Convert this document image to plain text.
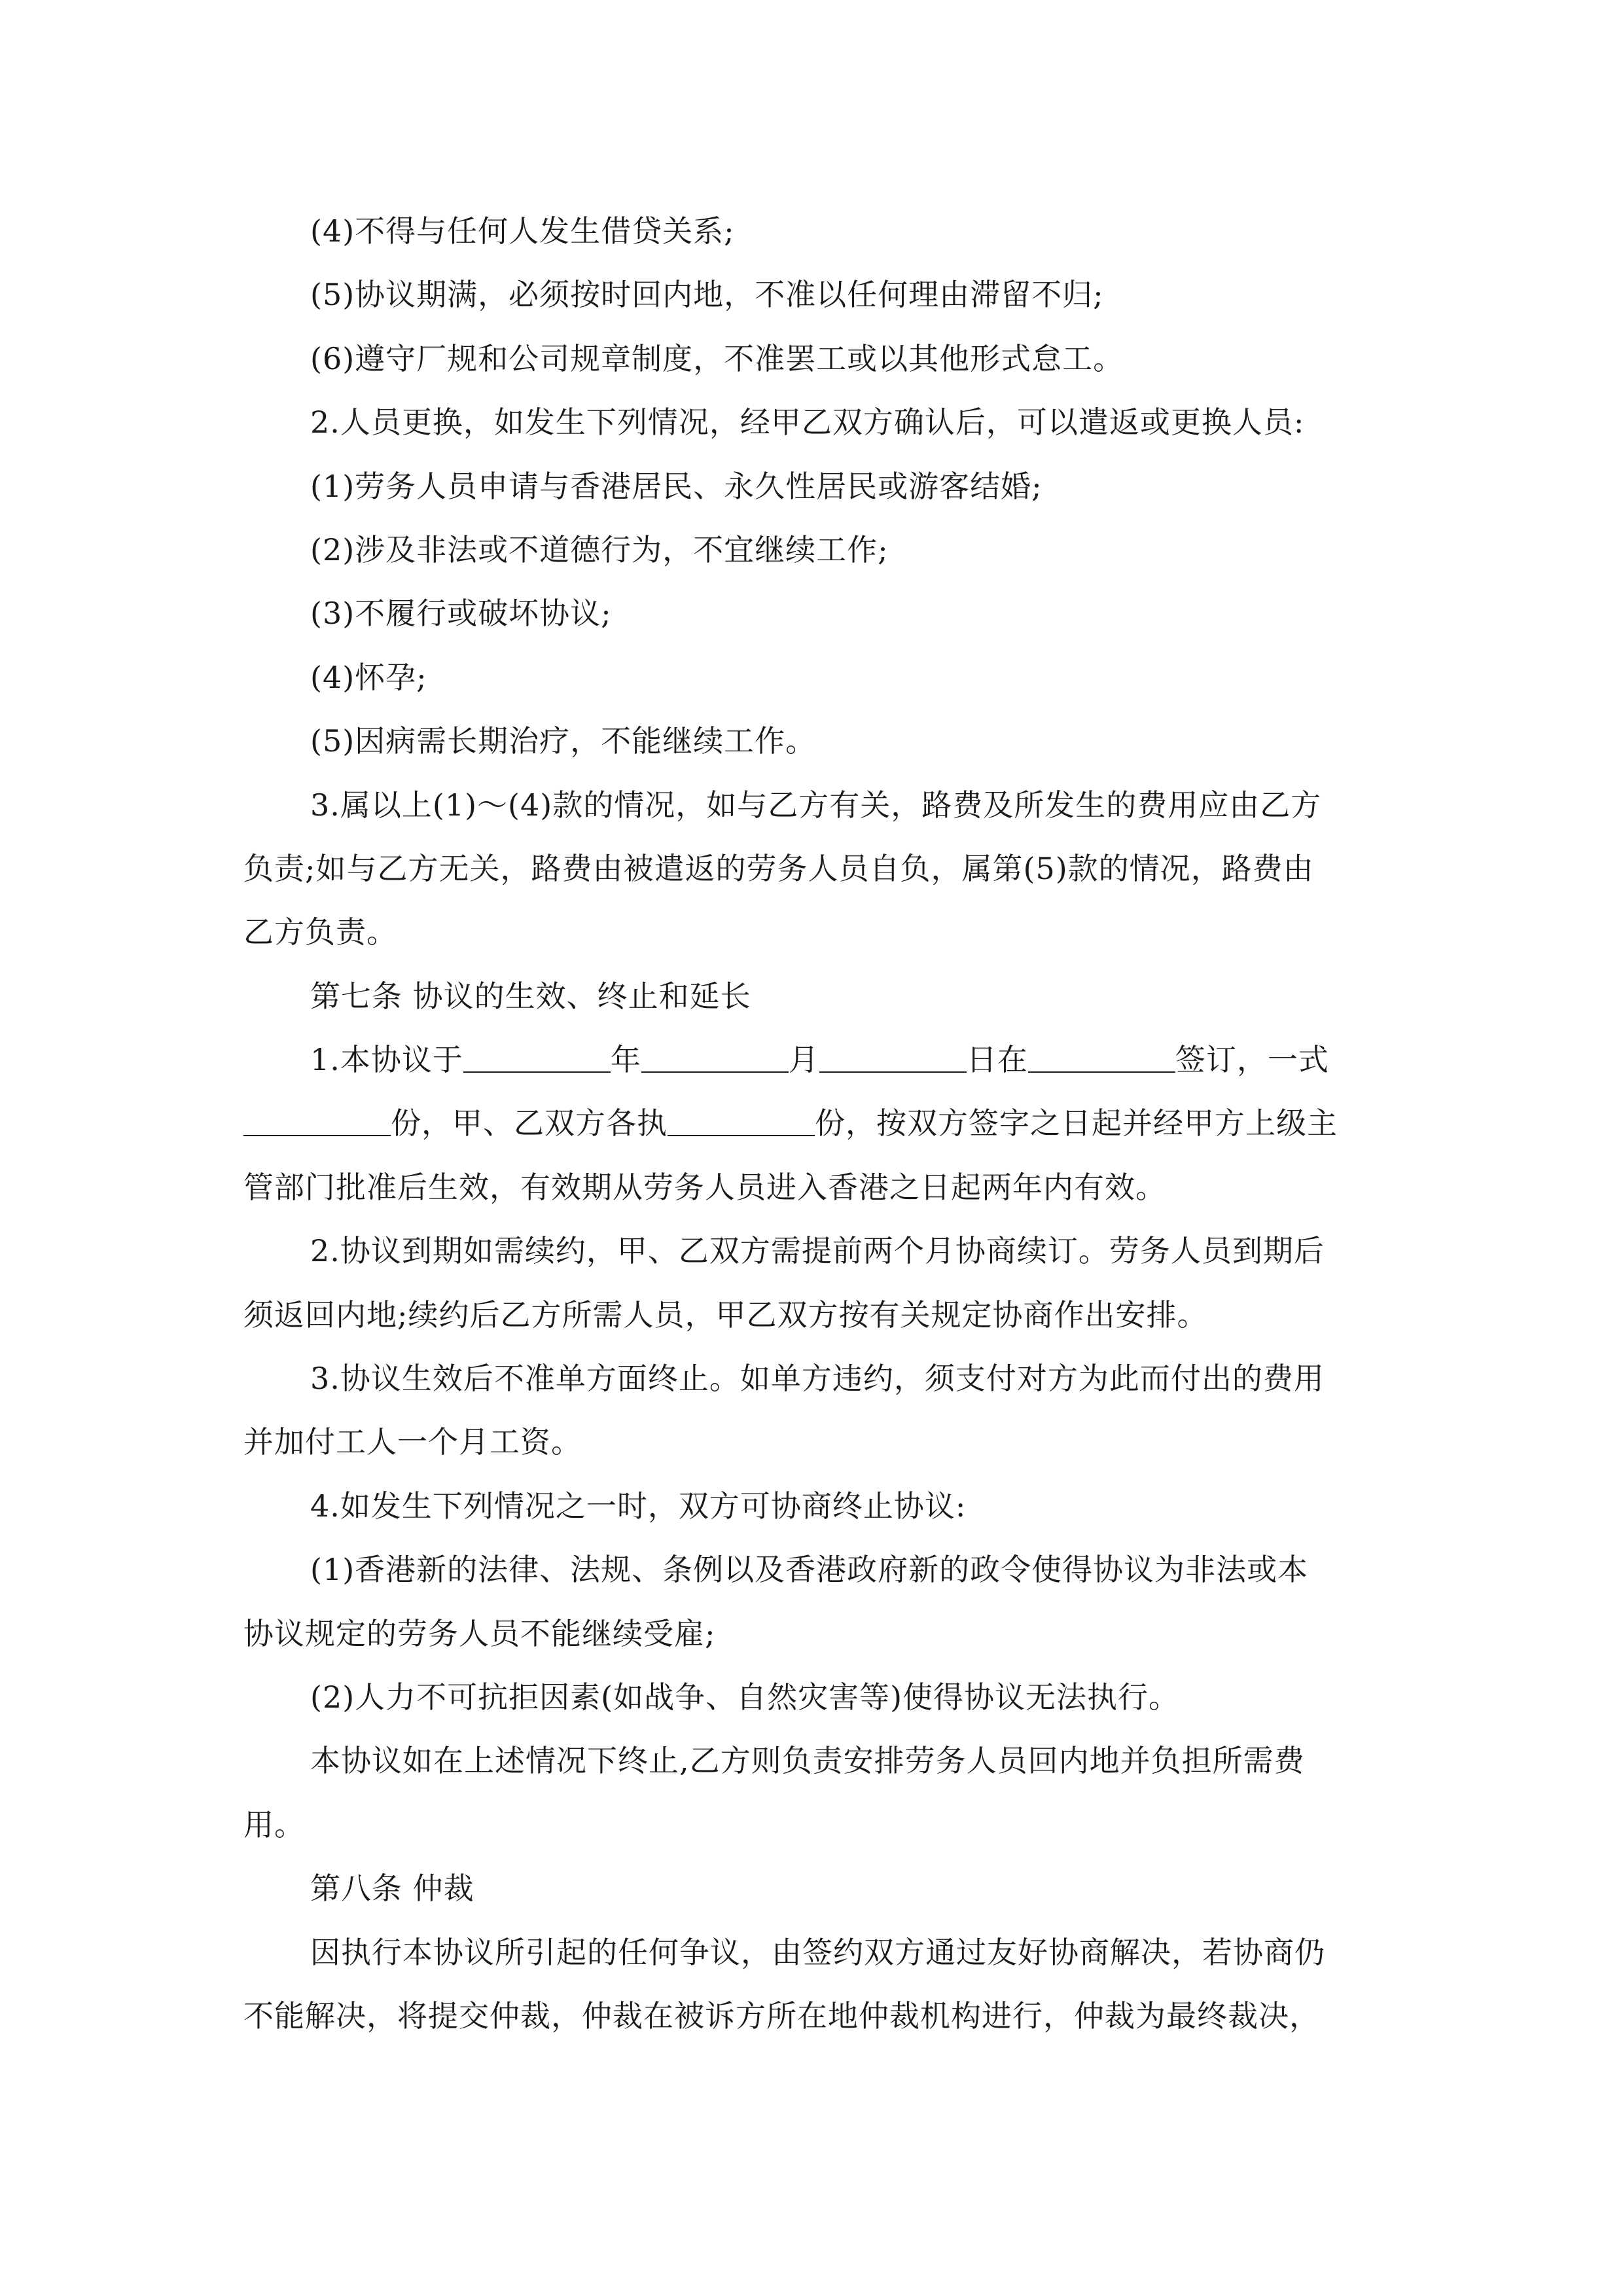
(4)不得与任何人发生借贷关系;
(5)协议期满，必须按时回内地，不准以任何理由滞留不归;
(6)遵守厂规和公司规章制度，不准罢工或以其他形式怠工。
2.人员更换，如发生下列情况，经甲乙双方确认后，可以遣返或更换人员:
(1)劳务人员申请与香港居民、永久性居民或游客结婚;
(2)涉及非法或不道德行为，不宜继续工作;
(3)不履行或破坏协议;
(4)怀孕;
(5)因病需长期治疗，不能继续工作。
3.属以上(1)～(4)款的情况，如与乙方有关，路费及所发生的费用应由乙方
负责;如与乙方无关，路费由被遣返的劳务人员自负，属第(5)款的情况，路费由
乙方负责。
第七条 协议的生效、终止和延长
1.本协议于	年	月	日在	签订，一式
份，甲、乙双方各执	份，按双方签字之日起并经甲方上级主
管部门批准后生效，有效期从劳务人员进入香港之日起两年内有效。
2.协议到期如需续约，甲、乙双方需提前两个月协商续订。劳务人员到期后
须返回内地;续约后乙方所需人员，甲乙双方按有关规定协商作出安排。
3.协议生效后不准单方面终止。如单方违约，须支付对方为此而付出的费用
并加付工人一个月工资。
4.如发生下列情况之一时，双方可协商终止协议:
(1)香港新的法律、法规、条例以及香港政府新的政令使得协议为非法或本
协议规定的劳务人员不能继续受雇;
(2)人力不可抗拒因素(如战争、自然灾害等)使得协议无法执行。
本协议如在上述情况下终止,乙方则负责安排劳务人员回内地并负担所需费
用。
第八条 仲裁
因执行本协议所引起的任何争议，由签约双方通过友好协商解决，若协商仍
不能解决，将提交仲裁，仲裁在被诉方所在地仲裁机构进行，仲裁为最终裁决，
